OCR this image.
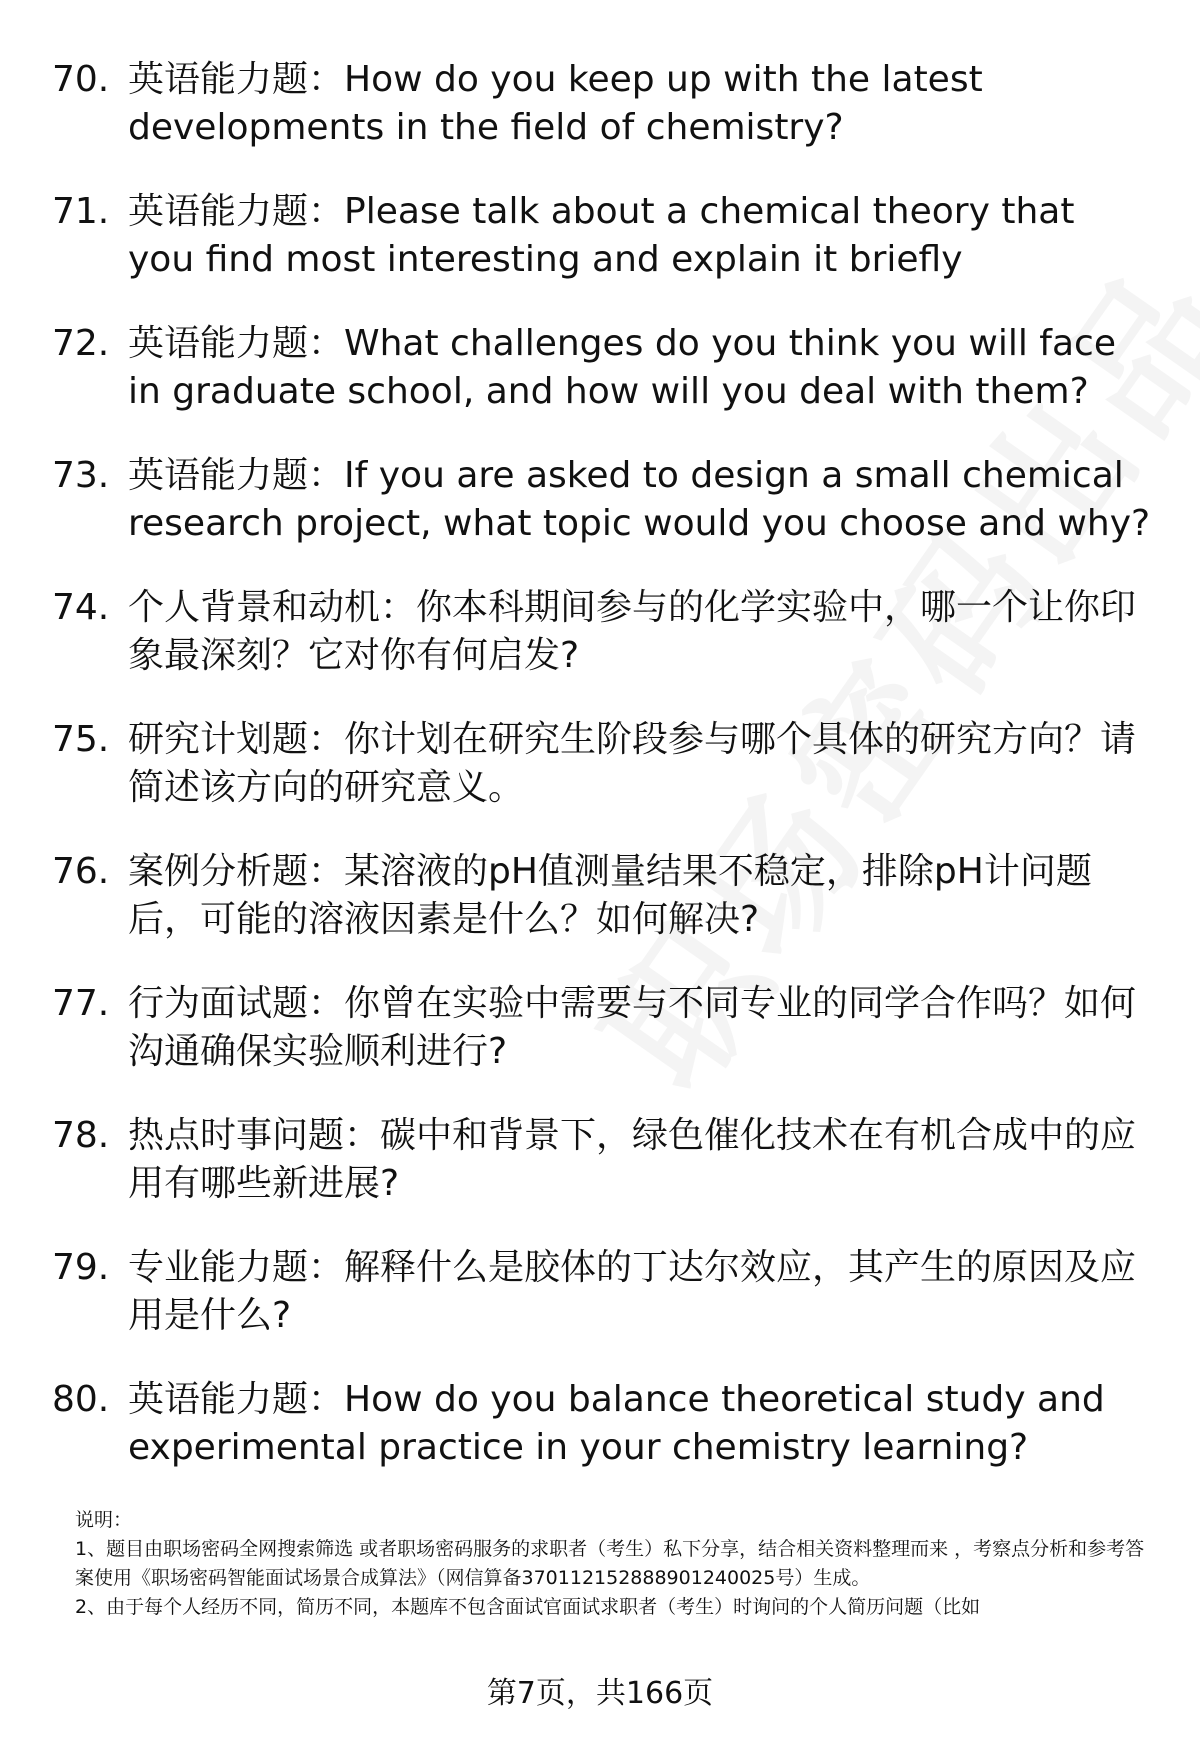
70. 英语能力题：How do you keep up with the latest developments in the field of chemistry?
71. 英语能力题：Please talk about a chemical theory that you find most interesting and explain it briefly
72. 英语能力题：What challenges do you think you will face in graduate school, and how will you deal with them?
73. 英语能力题：If you are asked to design a small chemical research project, what topic would you choose and why?
74. 个人背景和动机：你本科期间参与的化学实验中，哪一个让你印象最深刻？它对你有何启发?
75. 研究计划题：你计划在研究生阶段参与哪个具体的研究方向？请简述该方向的研究意义。
76. 案例分析题：某溶液的pH值测量结果不稳定，排除pH计问题后，可能的溶液因素是什么？如何解决?
77. 行为面试题：你曾在实验中需要与不同专业的同学合作吗？如何沟通确保实验顺利进行?
78. 热点时事问题：碳中和背景下，绿色催化技术在有机合成中的应用有哪些新进展?
79. 专业能力题：解释什么是胶体的丁达尔效应，其产生的原因及应用是什么?
80. 英语能力题：How do you balance theoretical study and experimental practice in your chemistry learning?

说明：

1、题目由职场密码全网搜索筛选 或者职场密码服务的求职者（考生）私下分享，结合相关资料整理而来 ，考察点分析和参考答案使用《职场密码智能面试场景合成算法》（网信算备370112152888901240025号）生成。

2、由于每个人经历不同，简历不同，本题库不包含面试官面试求职者（考生）时询问的个人简历问题（比如

第7页，共166页
